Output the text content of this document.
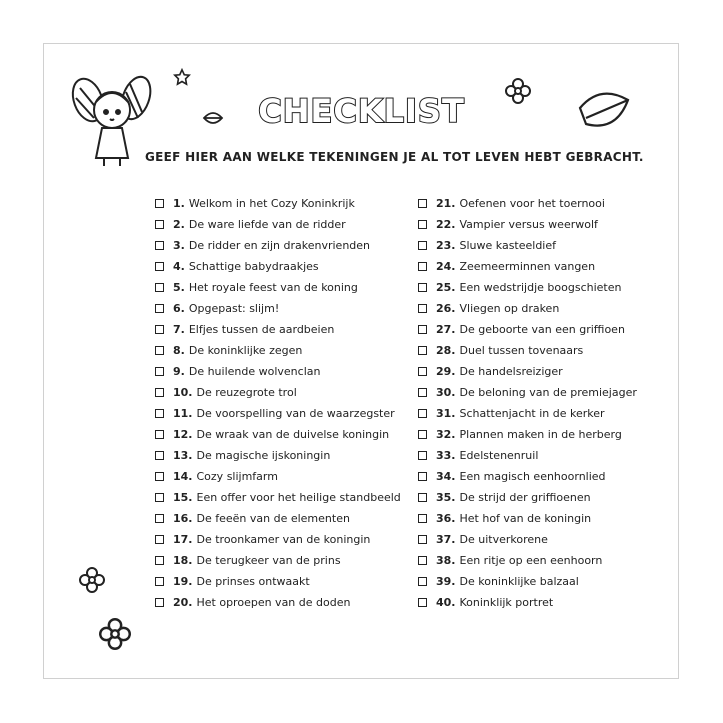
CHECKLIST
GEEF HIER AAN WELKE TEKENINGEN JE AL TOT LEVEN HEBT GEBRACHT.
1. Welkom in het Cozy Koninkrijk
2. De ware liefde van de ridder
3. De ridder en zijn drakenvrienden
4. Schattige babydraakjes
5. Het royale feest van de koning
6. Opgepast: slijm!
7. Elfjes tussen de aardbeien
8. De koninklijke zegen
9. De huilende wolvenclan
10. De reuzegrote trol
11. De voorspelling van de waarzegster
12. De wraak van de duivelse koningin
13. De magische ijskoningin
14. Cozy slijmfarm
15. Een offer voor het heilige standbeeld
16. De feeën van de elementen
17. De troonkamer van de koningin
18. De terugkeer van de prins
19. De prinses ontwaakt
20. Het oproepen van de doden
21. Oefenen voor het toernooi
22. Vampier versus weerwolf
23. Sluwe kasteeldief
24. Zeemeerminnen vangen
25. Een wedstrijdje boogschieten
26. Vliegen op draken
27. De geboorte van een griffioen
28. Duel tussen tovenaars
29. De handelsreiziger
30. De beloning van de premiejager
31. Schattenjacht in de kerker
32. Plannen maken in de herberg
33. Edelstenenruil
34. Een magisch eenhoornlied
35. De strijd der griffioenen
36. Het hof van de koningin
37. De uitverkorene
38. Een ritje op een eenhoorn
39. De koninklijke balzaal
40. Koninklijk portret
